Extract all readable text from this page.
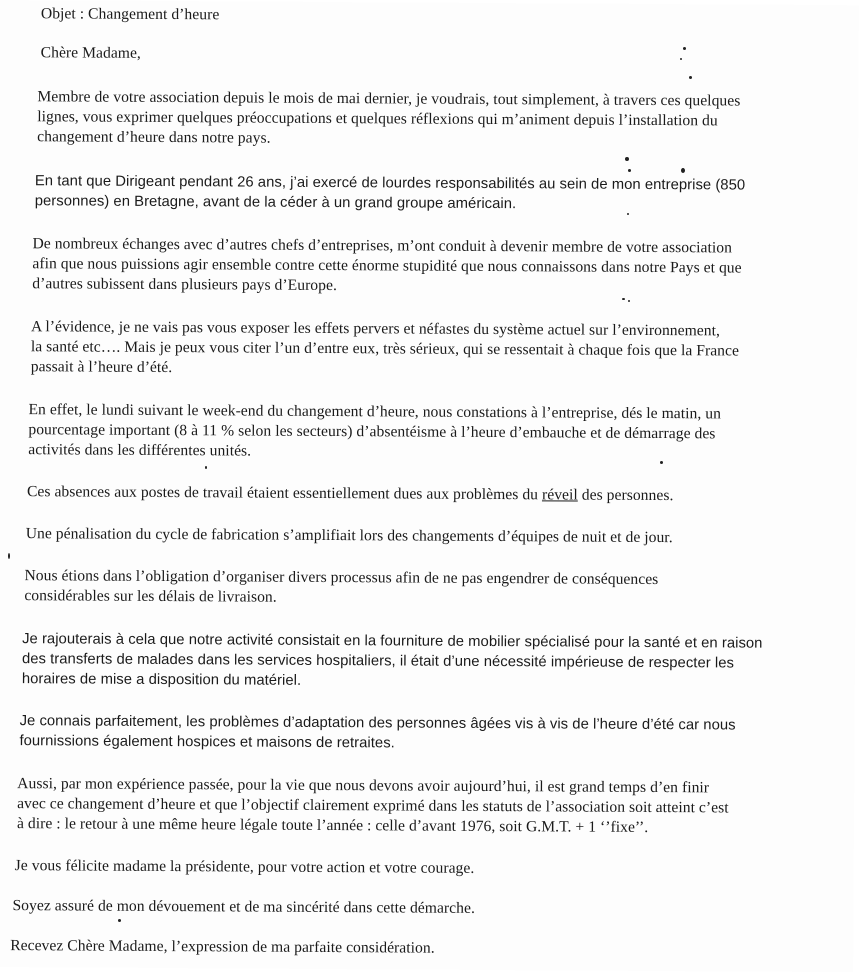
Objet : Changement d’heure
Chère Madame,
Membre de votre association depuis le mois de mai dernier, je voudrais, tout simplement, à travers ces quelques
lignes, vous exprimer quelques préoccupations et quelques réflexions qui m’animent depuis l’installation du
changement d’heure dans notre pays.
En tant que Dirigeant pendant 26 ans, j’ai exercé de lourdes responsabilités au sein de mon entreprise (850
personnes) en Bretagne, avant de la céder à un grand groupe américain.
De nombreux échanges avec d’autres chefs d’entreprises, m’ont conduit à devenir membre de votre association
afin que nous puissions agir ensemble contre cette énorme stupidité que nous connaissons dans notre Pays et que
d’autres subissent dans plusieurs pays d’Europe.
A l’évidence, je ne vais pas vous exposer les effets pervers et néfastes du système actuel sur l’environnement,
la santé etc…. Mais je peux vous citer l’un d’entre eux, très sérieux, qui se ressentait à chaque fois que la France
passait à l’heure d’été.
En effet, le lundi suivant le week-end du changement d’heure, nous constations à l’entreprise, dés le matin, un
pourcentage important (8 à 11 % selon les secteurs) d’absentéisme à l’heure d’embauche et de démarrage des
activités dans les différentes unités.
Ces absences aux postes de travail étaient essentiellement dues aux problèmes du réveil des personnes.
Une pénalisation du cycle de fabrication s’amplifiait lors des changements d’équipes de nuit et de jour.
Nous étions dans l’obligation d’organiser divers processus afin de ne pas engendrer de conséquences
considérables sur les délais de livraison.
Je rajouterais à cela que notre activité consistait en la fourniture de mobilier spécialisé pour la santé et en raison
des transferts de malades dans les services hospitaliers, il était d’une nécessité impérieuse de respecter les
horaires de mise a disposition du matériel.
Je connais parfaitement, les problèmes d’adaptation des personnes âgées vis à vis de l’heure d’été car nous
fournissions également hospices et maisons de retraites.
Aussi, par mon expérience passée, pour la vie que nous devons avoir aujourd’hui, il est grand temps d’en finir
avec ce changement d’heure et que l’objectif clairement exprimé dans les statuts de l’association soit atteint c’est
à dire : le retour à une même heure légale toute l’année : celle d’avant 1976, soit G.M.T. + 1 ‘’fixe’’.
Je vous félicite madame la présidente, pour votre action et votre courage.
Soyez assuré de mon dévouement et de ma sincérité dans cette démarche.
Recevez Chère Madame, l’expression de ma parfaite considération.
